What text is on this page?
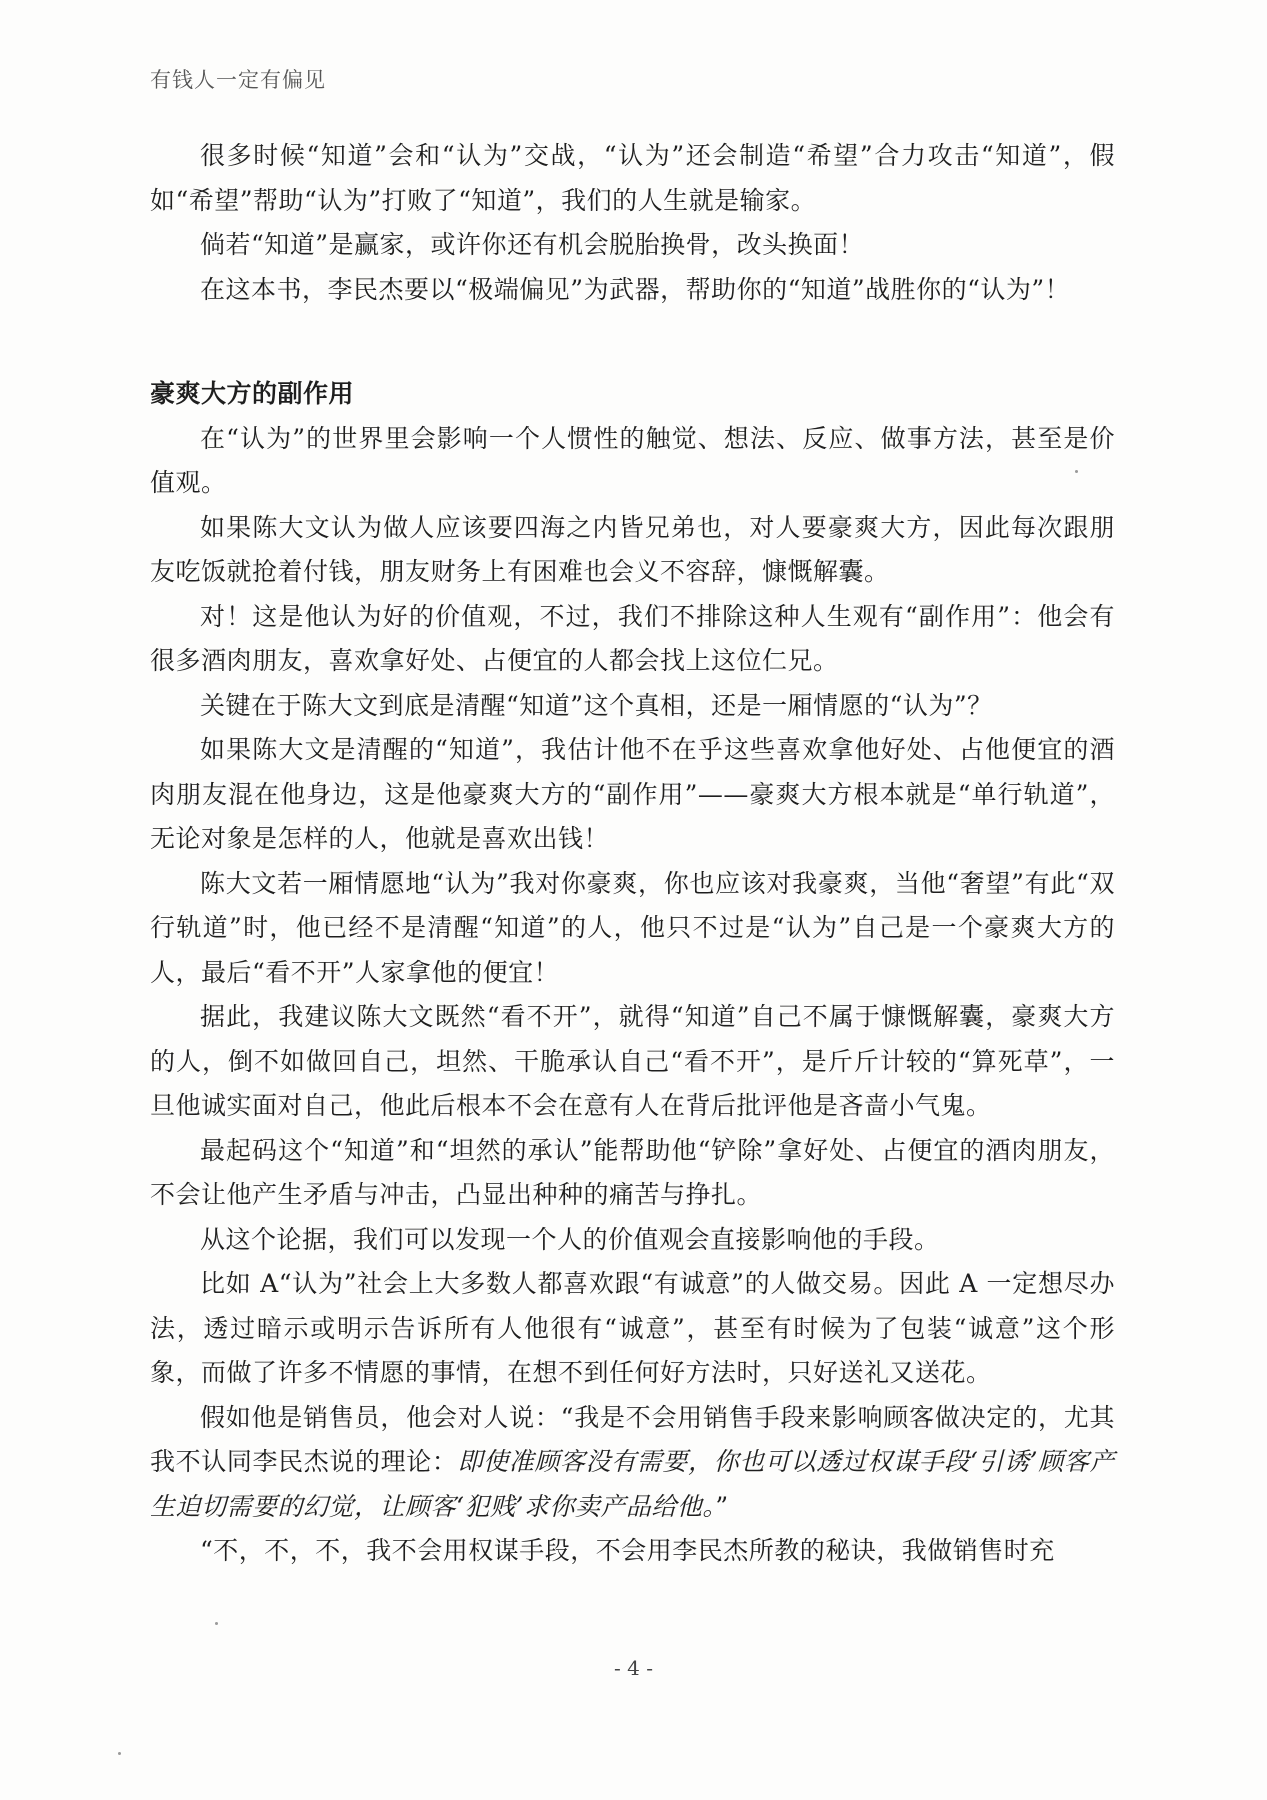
有钱人一定有偏见

很多时候“知道”会和“认为”交战，“认为”还会制造“希望”合力攻击“知道”，假如“希望”帮助“认为”打败了“知道”，我们的人生就是输家。

倘若“知道”是赢家，或许你还有机会脱胎换骨，改头换面！

在这本书，李民杰要以“极端偏见”为武器，帮助你的“知道”战胜你的“认为”！

豪爽大方的副作用

在“认为”的世界里会影响一个人惯性的触觉、想法、反应、做事方法，甚至是价值观。

如果陈大文认为做人应该要四海之内皆兄弟也，对人要豪爽大方，因此每次跟朋友吃饭就抢着付钱，朋友财务上有困难也会义不容辞，慷慨解囊。

对！这是他认为好的价值观，不过，我们不排除这种人生观有“副作用”：他会有很多酒肉朋友，喜欢拿好处、占便宜的人都会找上这位仁兄。

关键在于陈大文到底是清醒“知道”这个真相，还是一厢情愿的“认为”？

如果陈大文是清醒的“知道”，我估计他不在乎这些喜欢拿他好处、占他便宜的酒肉朋友混在他身边，这是他豪爽大方的“副作用”——豪爽大方根本就是“单行轨道”，无论对象是怎样的人，他就是喜欢出钱！

陈大文若一厢情愿地“认为”我对你豪爽，你也应该对我豪爽，当他“奢望”有此“双行轨道”时，他已经不是清醒“知道”的人，他只不过是“认为”自己是一个豪爽大方的人，最后“看不开”人家拿他的便宜！

据此，我建议陈大文既然“看不开”，就得“知道”自己不属于慷慨解囊，豪爽大方的人，倒不如做回自己，坦然、干脆承认自己“看不开”，是斤斤计较的“算死草”，一旦他诚实面对自己，他此后根本不会在意有人在背后批评他是吝啬小气鬼。

最起码这个“知道”和“坦然的承认”能帮助他“铲除”拿好处、占便宜的酒肉朋友，不会让他产生矛盾与冲击，凸显出种种的痛苦与挣扎。

从这个论据，我们可以发现一个人的价值观会直接影响他的手段。

比如 A“认为”社会上大多数人都喜欢跟“有诚意”的人做交易。因此 A 一定想尽办法，透过暗示或明示告诉所有人他很有“诚意”，甚至有时候为了包装“诚意”这个形象，而做了许多不情愿的事情，在想不到任何好方法时，只好送礼又送花。

假如他是销售员，他会对人说：“我是不会用销售手段来影响顾客做决定的，尤其我不认同李民杰说的理论：即使准顾客没有需要，你也可以透过权谋手段‘引诱’顾客产生迫切需要的幻觉，让顾客‘犯贱’求你卖产品给他。”

“不，不，不，我不会用权谋手段，不会用李民杰所教的秘诀，我做销售时充

- 4 -
